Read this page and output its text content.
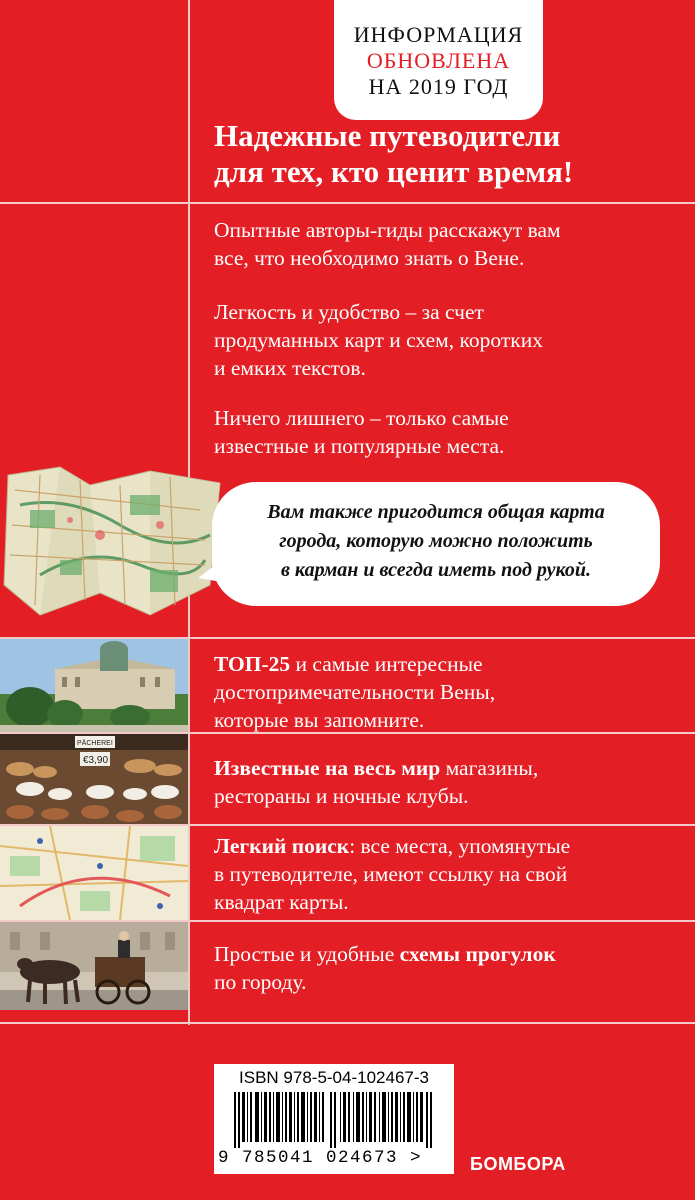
ИНФОРМАЦИЯ
ОБНОВЛЕНА
НА 2019 ГОД
Надежные путеводители
для тех, кто ценит время!
Опытные авторы-гиды расскажут вам
все, что необходимо знать о Вене.
Легкость и удобство – за счет
продуманных карт и схем, коротких
и емких текстов.
Ничего лишнего – только самые
известные и популярные места.
Вам также пригодится общая карта
города, которую можно положить
в карман и всегда иметь под рукой.
PÄCHEREI
€3,90
ТОП-25 и самые интересные
достопримечательности Вены,
которые вы запомните.
Известные на весь мир магазины,
рестораны и ночные клубы.
Легкий поиск: все места, упомянутые
в путеводителе, имеют ссылку на свой
квадрат карты.
Простые и удобные схемы прогулок
по городу.
ISBN 978-5-04-102467-3
9 785041 024673 >	БОМБОРА
